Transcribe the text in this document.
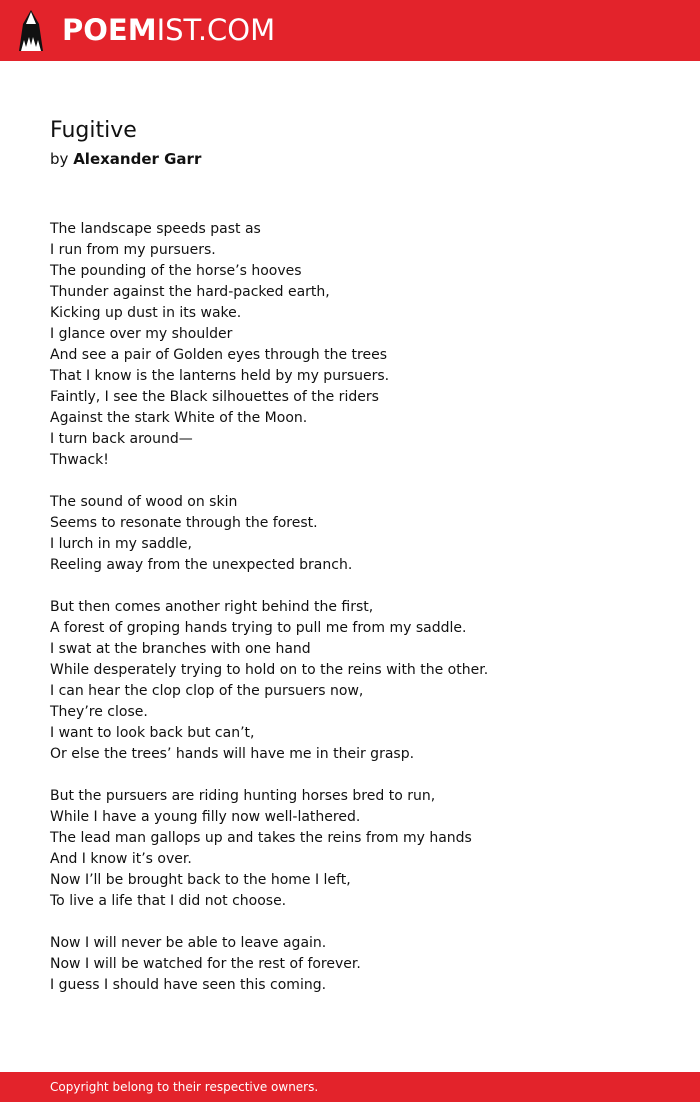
POEMIST.COM
Fugitive
by Alexander Garr
The landscape speeds past as
I run from my pursuers.
The pounding of the horse’s hooves
Thunder against the hard-packed earth,
Kicking up dust in its wake.
I glance over my shoulder
And see a pair of Golden eyes through the trees
That I know is the lanterns held by my pursuers.
Faintly, I see the Black silhouettes of the riders
Against the stark White of the Moon.
I turn back around—
Thwack!
The sound of wood on skin
Seems to resonate through the forest.
I lurch in my saddle,
Reeling away from the unexpected branch.
But then comes another right behind the first,
A forest of groping hands trying to pull me from my saddle.
I swat at the branches with one hand
While desperately trying to hold on to the reins with the other.
I can hear the clop clop of the pursuers now,
They’re close.
I want to look back but can’t,
Or else the trees’ hands will have me in their grasp.
But the pursuers are riding hunting horses bred to run,
While I have a young filly now well-lathered.
The lead man gallops up and takes the reins from my hands
And I know it’s over.
Now I’ll be brought back to the home I left,
To live a life that I did not choose.
Now I will never be able to leave again.
Now I will be watched for the rest of forever.
I guess I should have seen this coming.
Copyright belong to their respective owners.
